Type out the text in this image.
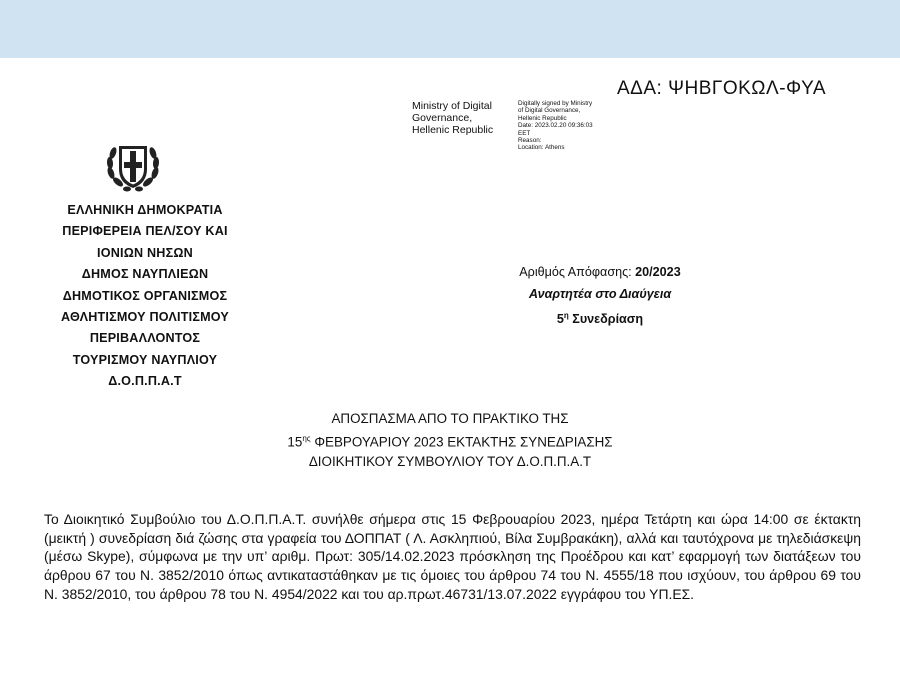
ΑΔΑ: ΨΗΒΓΟΚΩΛ-ΦΥΑ
Ministry of Digital
Governance,
Hellenic Republic
Digitally signed by Ministry
of Digital Governance,
Hellenic Republic
Date: 2023.02.20 09:36:03
EET
Reason:
Location: Athens
ΕΛΛΗΝΙΚΗ ΔΗΜΟΚΡΑΤΙΑ
ΠΕΡΙΦΕΡΕΙΑ ΠΕΛ/ΣΟΥ ΚΑΙ
ΙΟΝΙΩΝ ΝΗΣΩΝ
ΔΗΜΟΣ ΝΑΥΠΛΙΕΩΝ
ΔΗΜΟΤΙΚΟΣ ΟΡΓΑΝΙΣΜΟΣ
ΑΘΛΗΤΙΣΜΟΥ ΠΟΛΙΤΙΣΜΟΥ
ΠΕΡΙΒΑΛΛΟΝΤΟΣ
ΤΟΥΡΙΣΜΟΥ ΝΑΥΠΛΙΟΥ
Δ.Ο.Π.Π.Α.Τ
Αριθμός Απόφασης: 20/2023
Αναρτητέα στο Διαύγεια
$5^\eta$ Συνεδρίαση
ΑΠΟΣΠΑΣΜΑ ΑΠΟ ΤΟ ΠΡΑΚΤΙΚΟ ΤΗΣ
$15^{\eta\varsigma}$ ΦΕΒΡΟΥΑΡΙΟΥ 2023 ΕΚΤΑΚΤΗΣ ΣΥΝΕΔΡΙΑΣΗΣ
ΔΙΟΙΚΗΤΙΚΟΥ ΣΥΜΒΟΥΛΙΟΥ ΤΟΥ Δ.Ο.Π.Π.Α.Τ
Το Διοικητικό Συμβούλιο του Δ.Ο.Π.Π.Α.Τ. συνήλθε σήμερα στις 15 Φεβρουαρίου 2023, ημέρα Τετάρτη και ώρα 14:00 σε έκτακτη (μεικτή ) συνεδρίαση διά ζώσης στα γραφεία του ΔΟΠΠΑΤ ( Λ. Ασκληπιού, Βίλα Συμβρακάκη), αλλά και ταυτόχρονα με τηλεδιάσκεψη (μέσω Skype), σύμφωνα με την υπ’ αριθμ. Πρωτ: 305/14.02.2023 πρόσκληση της Προέδρου και κατ’ εφαρμογή των διατάξεων του άρθρου 67 του Ν. 3852/2010 όπως αντικαταστάθηκαν με τις όμοιες του άρθρου 74 του Ν. 4555/18 που ισχύουν, του άρθρου 69 του Ν. 3852/2010, του άρθρου 78 του Ν. 4954/2022 και του αρ.πρωτ.46731/13.07.2022 εγγράφου του ΥΠ.ΕΣ.
